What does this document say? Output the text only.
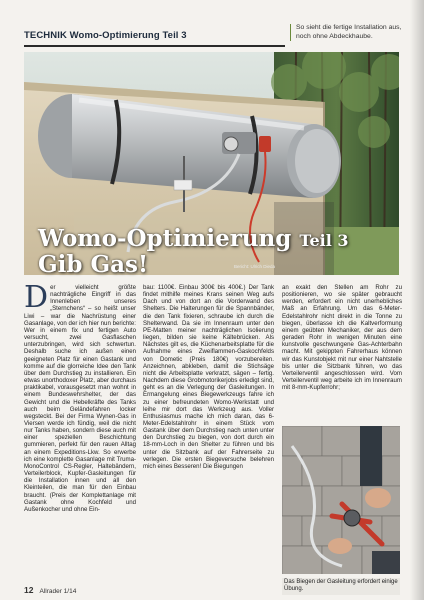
TECHNIK Womo-Optimierung Teil 3
So sieht die fertige Installation aus, noch ohne Abdeckhaube.
Bericht: Ulrich Dieda
Womo-Optimierung Teil 3
Gib Gas!
Der vielleicht größte nachträgliche Eingriff in das Innenleben unseres „Sternchens“ – so heißt unser Liwi – war die Nachrüstung einer Gasanlage, von der ich hier nun berichte: Wer in einem fix und fertigen Auto versucht, zwei Gasflaschen unterzubringen, wird sich schwertun. Deshalb suche ich außen einen geeigneten Platz für einen Gastank und komme auf die glorreiche Idee den Tank über dem Durchstieg zu installieren. Ein etwas unorthodoxer Platz, aber durchaus praktikabel, vorausgesetzt man wohnt in einem Bundeswehrshelter, der das Gewicht und die Hebelkräfte des Tanks auch beim Geländefahren locker wegsteckt. Bei der Firma Wynen-Gas in Viersen werde ich fündig, weil die nicht nur Tanks haben, sondern diese auch mit einer speziellen Beschichtung gummieren, perfekt für den rauen Alltag an einem Expeditions-Lkw. So erwerbe ich eine komplette Gasanlage mit Truma-MonoControl CS-Regler, Haltebändern, Verteilerblock, Kupfer-Gasleitungen für die Installation innen und all den Kleinteilen, die man für den Einbau braucht. (Preis der Komplettanlage mit Gastank ohne Kochfeld und Außenkocher und ohne Ein-
bau: 1100€. Einbau 300€ bis 400€.) Der Tank findet mithilfe meines Krans seinen Weg aufs Dach und von dort an die Vorderwand des Shelters. Die Halterungen für die Spannbänder, die den Tank fixieren, schraube ich durch die Shelterwand. Da sie im Innenraum unter den PE-Matten meiner nachträglichen Isolierung liegen, bilden sie keine Kältebrücken. Als Nächstes gilt es, die Küchenarbeitsplatte für die Aufnahme eines Zweiflammen-Gaskochfelds von Dometic (Preis 180€) vorzubereiten. Anzeichnen, abkleben, damit die Stichsäge nicht die Arbeitsplatte verkratzt, sägen – fertig. Nachdem diese Grobmotorikerjobs erledigt sind, geht es an die Verlegung der Gasleitungen. In Ermangelung eines Biegewerkzeugs fahre ich zu einer befreundeten Womo-Werkstatt und leihe mir dort das Werkzeug aus. Voller Enthusiasmus mache ich mich daran, das 6-Meter-Edelstahlrohr in einem Stück vom Gastank über dem Durchstieg nach unten unter den Durchstieg zu biegen, von dort durch ein 18-mm-Loch in den Shelter zu führen und bis unter die Sitzbank auf der Fahrerseite zu verlegen. Die ersten Biegeversuche belehren mich eines Besseren! Die Biegungen
an exakt den Stellen am Rohr zu positionieren, wo sie später gebraucht werden, erfordert ein nicht unerhebliches Maß an Erfahrung. Um das 6-Meter-Edelstahlrohr nicht direkt in die Tonne zu biegen, überlasse ich die Kaltverformung einem geübten Mechaniker, der aus dem geraden Rohr in wenigen Minuten eine kunstvolle geschwungene Gas-Achterbahn macht. Mit gekippten Fahrerhaus können wir das Kunstobjekt mit nur einer Nahtstelle bis unter die Sitzbank führen, wo das Verteilerventil angeschlossen wird. Vom Verteilerventil weg arbeite ich im Innenraum mit 8-mm-Kupferrohr;
Das Biegen der Gasleitung erfordert einige Übung.
12 Allrader 1/14
